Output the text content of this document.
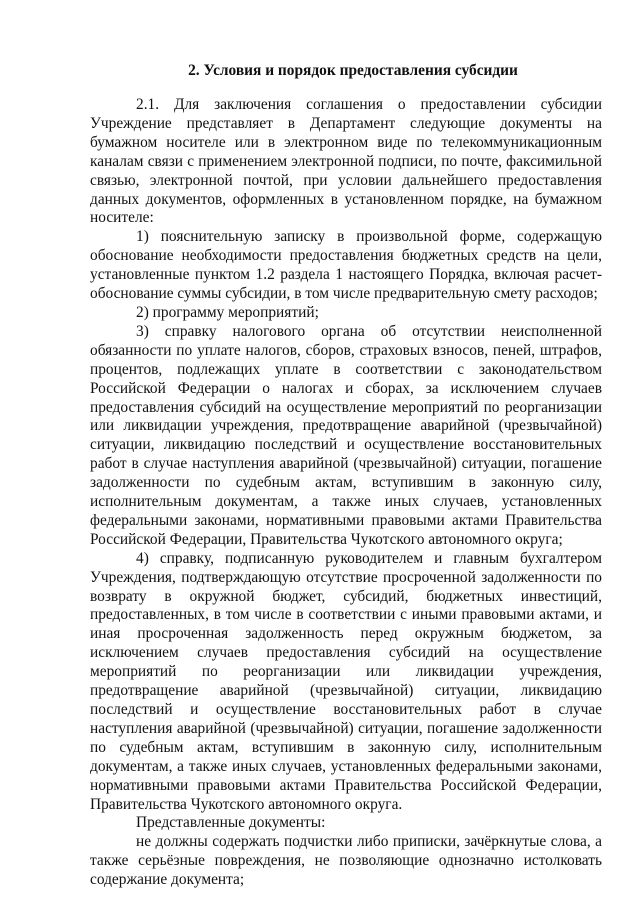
2. Условия и порядок предоставления субсидии

2.1. Для заключения соглашения о предоставлении субсидии Учреждение представляет в Департамент следующие документы на бумажном носителе или в электронном виде по телекоммуникационным каналам связи с применением электронной подписи, по почте, факсимильной связью, электронной почтой, при условии дальнейшего предоставления данных документов, оформленных в установленном порядке, на бумажном носителе:

1) пояснительную записку в произвольной форме, содержащую обоснование необходимости предоставления бюджетных средств на цели, установленные пунктом 1.2 раздела 1 настоящего Порядка, включая расчет-обоснование суммы субсидии, в том числе предварительную смету расходов;

2) программу мероприятий;

3) справку налогового органа об отсутствии неисполненной обязанности по уплате налогов, сборов, страховых взносов, пеней, штрафов, процентов, подлежащих уплате в соответствии с законодательством Российской Федерации о налогах и сборах, за исключением случаев предоставления субсидий на осуществление мероприятий по реорганизации или ликвидации учреждения, предотвращение аварийной (чрезвычайной) ситуации, ликвидацию последствий и осуществление восстановительных работ в случае наступления аварийной (чрезвычайной) ситуации, погашение задолженности по судебным актам, вступившим в законную силу, исполнительным документам, а также иных случаев, установленных федеральными законами, нормативными правовыми актами Правительства Российской Федерации, Правительства Чукотского автономного округа;

4) справку, подписанную руководителем и главным бухгалтером Учреждения, подтверждающую отсутствие просроченной задолженности по возврату в окружной бюджет, субсидий, бюджетных инвестиций, предоставленных, в том числе в соответствии с иными правовыми актами, и иная просроченная задолженность перед окружным бюджетом, за исключением случаев предоставления субсидий на осуществление мероприятий по реорганизации или ликвидации учреждения, предотвращение аварийной (чрезвычайной) ситуации, ликвидацию последствий и осуществление восстановительных работ в случае наступления аварийной (чрезвычайной) ситуации, погашение задолженности по судебным актам, вступившим в законную силу, исполнительным документам, а также иных случаев, установленных федеральными законами, нормативными правовыми актами Правительства Российской Федерации, Правительства Чукотского автономного округа.

Представленные документы:

не должны содержать подчистки либо приписки, зачёркнутые слова, а также серьёзные повреждения, не позволяющие однозначно истолковать содержание документа;
